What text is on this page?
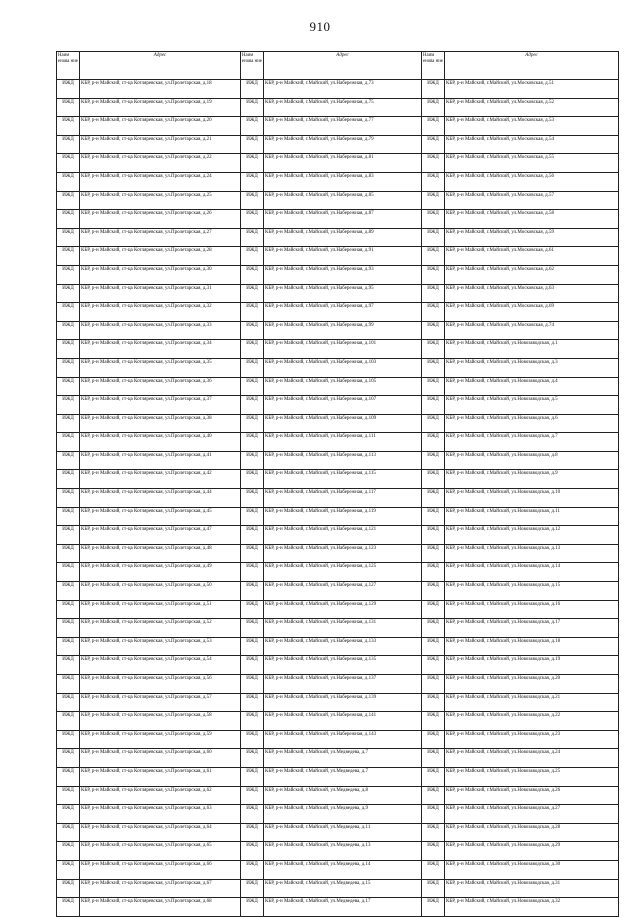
910
Наим енова ние	Адрес	Наим енова ние	Адрес	Наим енова ние	Адрес
ИЖД	КБР, р-н Майский, ст-ца Котляревская, ул.Пролетарская, д.18	ИЖД	КБР, р-н Майский, г.Майский, ул.Набережная, д.73	ИЖД	КБР, р-н Майский, г.Майский, ул.Московская, д.51
ИЖД	КБР, р-н Майский, ст-ца Котляревская, ул.Пролетарская, д.19	ИЖД	КБР, р-н Майский, г.Майский, ул.Набережная, д.75	ИЖД	КБР, р-н Майский, г.Майский, ул.Московская, д.52
ИЖД	КБР, р-н Майский, ст-ца Котляревская, ул.Пролетарская, д.20	ИЖД	КБР, р-н Майский, г.Майский, ул.Набережная, д.77	ИЖД	КБР, р-н Майский, г.Майский, ул.Московская, д.53
ИЖД	КБР, р-н Майский, ст-ца Котляревская, ул.Пролетарская, д.21	ИЖД	КБР, р-н Майский, г.Майский, ул.Набережная, д.79	ИЖД	КБР, р-н Майский, г.Майский, ул.Московская, д.54
ИЖД	КБР, р-н Майский, ст-ца Котляревская, ул.Пролетарская, д.22	ИЖД	КБР, р-н Майский, г.Майский, ул.Набережная, д.81	ИЖД	КБР, р-н Майский, г.Майский, ул.Московская, д.55
ИЖД	КБР, р-н Майский, ст-ца Котляревская, ул.Пролетарская, д.24	ИЖД	КБР, р-н Майский, г.Майский, ул.Набережная, д.83	ИЖД	КБР, р-н Майский, г.Майский, ул.Московская, д.56
ИЖД	КБР, р-н Майский, ст-ца Котляревская, ул.Пролетарская, д.25	ИЖД	КБР, р-н Майский, г.Майский, ул.Набережная, д.85	ИЖД	КБР, р-н Майский, г.Майский, ул.Московская, д.57
ИЖД	КБР, р-н Майский, ст-ца Котляревская, ул.Пролетарская, д.26	ИЖД	КБР, р-н Майский, г.Майский, ул.Набережная, д.87	ИЖД	КБР, р-н Майский, г.Майский, ул.Московская, д.58
ИЖД	КБР, р-н Майский, ст-ца Котляревская, ул.Пролетарская, д.27	ИЖД	КБР, р-н Майский, г.Майский, ул.Набережная, д.89	ИЖД	КБР, р-н Майский, г.Майский, ул.Московская, д.59
ИЖД	КБР, р-н Майский, ст-ца Котляревская, ул.Пролетарская, д.28	ИЖД	КБР, р-н Майский, г.Майский, ул.Набережная, д.91	ИЖД	КБР, р-н Майский, г.Майский, ул.Московская, д.61
ИЖД	КБР, р-н Майский, ст-ца Котляревская, ул.Пролетарская, д.30	ИЖД	КБР, р-н Майский, г.Майский, ул.Набережная, д.93	ИЖД	КБР, р-н Майский, г.Майский, ул.Московская, д.62
ИЖД	КБР, р-н Майский, ст-ца Котляревская, ул.Пролетарская, д.31	ИЖД	КБР, р-н Майский, г.Майский, ул.Набережная, д.95	ИЖД	КБР, р-н Майский, г.Майский, ул.Московская, д.63
ИЖД	КБР, р-н Майский, ст-ца Котляревская, ул.Пролетарская, д.32	ИЖД	КБР, р-н Майский, г.Майский, ул.Набережная, д.97	ИЖД	КБР, р-н Майский, г.Майский, ул.Московская, д.69
ИЖД	КБР, р-н Майский, ст-ца Котляревская, ул.Пролетарская, д.33	ИЖД	КБР, р-н Майский, г.Майский, ул.Набережная, д.99	ИЖД	КБР, р-н Майский, г.Майский, ул.Московская, д.74
ИЖД	КБР, р-н Майский, ст-ца Котляревская, ул.Пролетарская, д.34	ИЖД	КБР, р-н Майский, г.Майский, ул.Набережная, д.101	ИЖД	КБР, р-н Майский, г.Майский, ул.Новозаводская, д.1
ИЖД	КБР, р-н Майский, ст-ца Котляревская, ул.Пролетарская, д.35	ИЖД	КБР, р-н Майский, г.Майский, ул.Набережная, д.103	ИЖД	КБР, р-н Майский, г.Майский, ул.Новозаводская, д.3
ИЖД	КБР, р-н Майский, ст-ца Котляревская, ул.Пролетарская, д.36	ИЖД	КБР, р-н Майский, г.Майский, ул.Набережная, д.105	ИЖД	КБР, р-н Майский, г.Майский, ул.Новозаводская, д.4
ИЖД	КБР, р-н Майский, ст-ца Котляревская, ул.Пролетарская, д.37	ИЖД	КБР, р-н Майский, г.Майский, ул.Набережная, д.107	ИЖД	КБР, р-н Майский, г.Майский, ул.Новозаводская, д.5
ИЖД	КБР, р-н Майский, ст-ца Котляревская, ул.Пролетарская, д.38	ИЖД	КБР, р-н Майский, г.Майский, ул.Набережная, д.109	ИЖД	КБР, р-н Майский, г.Майский, ул.Новозаводская, д.6
ИЖД	КБР, р-н Майский, ст-ца Котляревская, ул.Пролетарская, д.40	ИЖД	КБР, р-н Майский, г.Майский, ул.Набережная, д.111	ИЖД	КБР, р-н Майский, г.Майский, ул.Новозаводская, д.7
ИЖД	КБР, р-н Майский, ст-ца Котляревская, ул.Пролетарская, д.41	ИЖД	КБР, р-н Майский, г.Майский, ул.Набережная, д.113	ИЖД	КБР, р-н Майский, г.Майский, ул.Новозаводская, д.8
ИЖД	КБР, р-н Майский, ст-ца Котляревская, ул.Пролетарская, д.42	ИЖД	КБР, р-н Майский, г.Майский, ул.Набережная, д.115	ИЖД	КБР, р-н Майский, г.Майский, ул.Новозаводская, д.9
ИЖД	КБР, р-н Майский, ст-ца Котляревская, ул.Пролетарская, д.44	ИЖД	КБР, р-н Майский, г.Майский, ул.Набережная, д.117	ИЖД	КБР, р-н Майский, г.Майский, ул.Новозаводская, д.10
ИЖД	КБР, р-н Майский, ст-ца Котляревская, ул.Пролетарская, д.45	ИЖД	КБР, р-н Майский, г.Майский, ул.Набережная, д.119	ИЖД	КБР, р-н Майский, г.Майский, ул.Новозаводская, д.11
ИЖД	КБР, р-н Майский, ст-ца Котляревская, ул.Пролетарская, д.47	ИЖД	КБР, р-н Майский, г.Майский, ул.Набережная, д.121	ИЖД	КБР, р-н Майский, г.Майский, ул.Новозаводская, д.12
ИЖД	КБР, р-н Майский, ст-ца Котляревская, ул.Пролетарская, д.48	ИЖД	КБР, р-н Майский, г.Майский, ул.Набережная, д.123	ИЖД	КБР, р-н Майский, г.Майский, ул.Новозаводская, д.13
ИЖД	КБР, р-н Майский, ст-ца Котляревская, ул.Пролетарская, д.49	ИЖД	КБР, р-н Майский, г.Майский, ул.Набережная, д.125	ИЖД	КБР, р-н Майский, г.Майский, ул.Новозаводская, д.14
ИЖД	КБР, р-н Майский, ст-ца Котляревская, ул.Пролетарская, д.50	ИЖД	КБР, р-н Майский, г.Майский, ул.Набережная, д.127	ИЖД	КБР, р-н Майский, г.Майский, ул.Новозаводская, д.15
ИЖД	КБР, р-н Майский, ст-ца Котляревская, ул.Пролетарская, д.51	ИЖД	КБР, р-н Майский, г.Майский, ул.Набережная, д.129	ИЖД	КБР, р-н Майский, г.Майский, ул.Новозаводская, д.16
ИЖД	КБР, р-н Майский, ст-ца Котляревская, ул.Пролетарская, д.52	ИЖД	КБР, р-н Майский, г.Майский, ул.Набережная, д.131	ИЖД	КБР, р-н Майский, г.Майский, ул.Новозаводская, д.17
ИЖД	КБР, р-н Майский, ст-ца Котляревская, ул.Пролетарская, д.53	ИЖД	КБР, р-н Майский, г.Майский, ул.Набережная, д.133	ИЖД	КБР, р-н Майский, г.Майский, ул.Новозаводская, д.18
ИЖД	КБР, р-н Майский, ст-ца Котляревская, ул.Пролетарская, д.54	ИЖД	КБР, р-н Майский, г.Майский, ул.Набережная, д.135	ИЖД	КБР, р-н Майский, г.Майский, ул.Новозаводская, д.19
ИЖД	КБР, р-н Майский, ст-ца Котляревская, ул.Пролетарская, д.56	ИЖД	КБР, р-н Майский, г.Майский, ул.Набережная, д.137	ИЖД	КБР, р-н Майский, г.Майский, ул.Новозаводская, д.20
ИЖД	КБР, р-н Майский, ст-ца Котляревская, ул.Пролетарская, д.57	ИЖД	КБР, р-н Майский, г.Майский, ул.Набережная, д.139	ИЖД	КБР, р-н Майский, г.Майский, ул.Новозаводская, д.21
ИЖД	КБР, р-н Майский, ст-ца Котляревская, ул.Пролетарская, д.58	ИЖД	КБР, р-н Майский, г.Майский, ул.Набережная, д.141	ИЖД	КБР, р-н Майский, г.Майский, ул.Новозаводская, д.22
ИЖД	КБР, р-н Майский, ст-ца Котляревская, ул.Пролетарская, д.59	ИЖД	КБР, р-н Майский, г.Майский, ул.Набережная, д.143	ИЖД	КБР, р-н Майский, г.Майский, ул.Новозаводская, д.23
ИЖД	КБР, р-н Майский, ст-ца Котляревская, ул.Пролетарская, д.60	ИЖД	КБР, р-н Майский, г.Майский, ул.Медведева, д.7	ИЖД	КБР, р-н Майский, г.Майский, ул.Новозаводская, д.24
ИЖД	КБР, р-н Майский, ст-ца Котляревская, ул.Пролетарская, д.61	ИЖД	КБР, р-н Майский, г.Майский, ул.Медведева, д.7	ИЖД	КБР, р-н Майский, г.Майский, ул.Новозаводская, д.25
ИЖД	КБР, р-н Майский, ст-ца Котляревская, ул.Пролетарская, д.62	ИЖД	КБР, р-н Майский, г.Майский, ул.Медведева, д.8	ИЖД	КБР, р-н Майский, г.Майский, ул.Новозаводская, д.26
ИЖД	КБР, р-н Майский, ст-ца Котляревская, ул.Пролетарская, д.63	ИЖД	КБР, р-н Майский, г.Майский, ул.Медведева, д.9	ИЖД	КБР, р-н Майский, г.Майский, ул.Новозаводская, д.27
ИЖД	КБР, р-н Майский, ст-ца Котляревская, ул.Пролетарская, д.64	ИЖД	КБР, р-н Майский, г.Майский, ул.Медведева, д.11	ИЖД	КБР, р-н Майский, г.Майский, ул.Новозаводская, д.28
ИЖД	КБР, р-н Майский, ст-ца Котляревская, ул.Пролетарская, д.65	ИЖД	КБР, р-н Майский, г.Майский, ул.Медведева, д.13	ИЖД	КБР, р-н Майский, г.Майский, ул.Новозаводская, д.29
ИЖД	КБР, р-н Майский, ст-ца Котляревская, ул.Пролетарская, д.66	ИЖД	КБР, р-н Майский, г.Майский, ул.Медведева, д.14	ИЖД	КБР, р-н Майский, г.Майский, ул.Новозаводская, д.30
ИЖД	КБР, р-н Майский, ст-ца Котляревская, ул.Пролетарская, д.67	ИЖД	КБР, р-н Майский, г.Майский, ул.Медведева, д.15	ИЖД	КБР, р-н Майский, г.Майский, ул.Новозаводская, д.31
ИЖД	КБР, р-н Майский, ст-ца Котляревская, ул.Пролетарская, д.68	ИЖД	КБР, р-н Майский, г.Майский, ул.Медведева, д.17	ИЖД	КБР, р-н Майский, г.Майский, ул.Новозаводская, д.32
